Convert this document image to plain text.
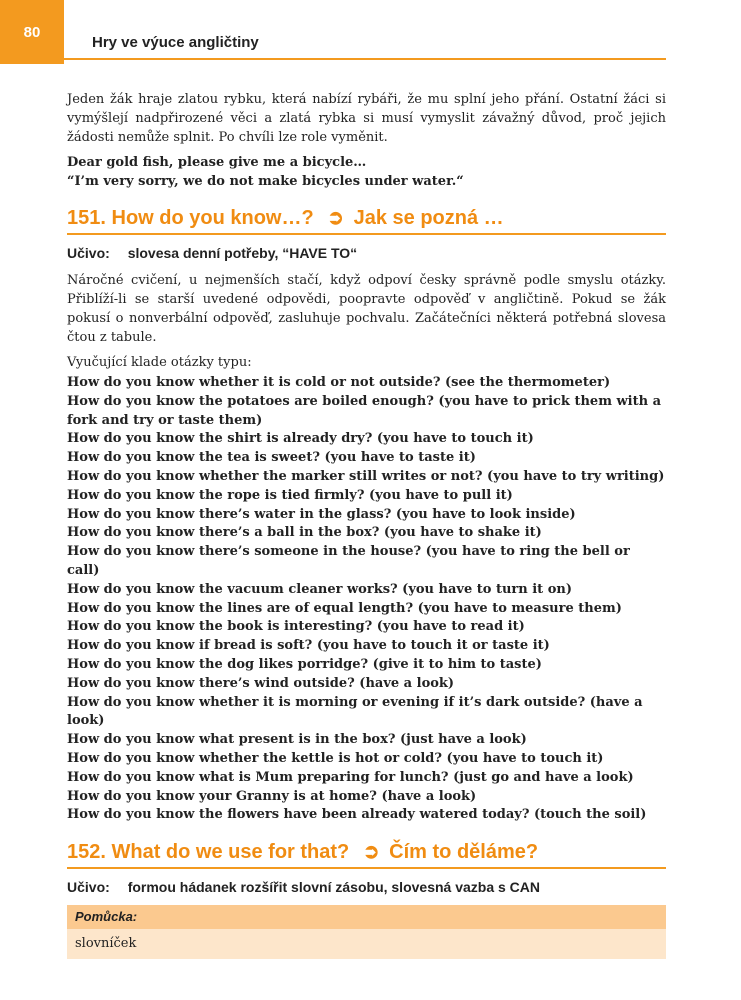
80
Hry ve výuce angličtiny

Jeden žák hraje zlatou rybku, která nabízí rybáři, že mu splní jeho přání. Ostatní žáci si vymýšlejí nadpřirozené věci a zlatá rybka si musí vymyslit závažný důvod, proč jejich žádosti nemůže splnit. Po chvíli lze role vyměnit.

Dear gold fish, please give me a bicycle…

“I’m very sorry, we do not make bicycles under water.“

151. How do you know…? ➲ Jak se pozná …
Učivo: slovesa denní potřeby, “HAVE TO“

Náročné cvičení, u nejmenších stačí, když odpoví česky správně podle smyslu otázky. Přiblíží-li se starší uvedené odpovědi, poopravte odpověď v angličtině. Pokud se žák pokusí o nonverbální odpověď, zasluhuje pochvalu. Začátečníci některá potřebná slovesa čtou z tabule.

Vyučující klade otázky typu:

How do you know whether it is cold or not outside? (see the thermometer)
How do you know the potatoes are boiled enough? (you have to prick them with a fork and try or taste them)
How do you know the shirt is already dry? (you have to touch it)
How do you know the tea is sweet? (you have to taste it)
How do you know whether the marker still writes or not? (you have to try writing)
How do you know the rope is tied firmly? (you have to pull it)
How do you know there’s water in the glass? (you have to look inside)
How do you know there’s a ball in the box? (you have to shake it)
How do you know there’s someone in the house? (you have to ring the bell or call)
How do you know the vacuum cleaner works? (you have to turn it on)
How do you know the lines are of equal length? (you have to measure them)
How do you know the book is interesting? (you have to read it)
How do you know if bread is soft? (you have to touch it or taste it)
How do you know the dog likes porridge? (give it to him to taste)
How do you know there’s wind outside? (have a look)
How do you know whether it is morning or evening if it’s dark outside? (have a look)
How do you know what present is in the box? (just have a look)
How do you know whether the kettle is hot or cold? (you have to touch it)
How do you know what is Mum preparing for lunch? (just go and have a look)
How do you know your Granny is at home? (have a look)
How do you know the flowers have been already watered today? (touch the soil)
152. What do we use for that? ➲ Čím to děláme?
Učivo: formou hádanek rozšířit slovní zásobu, slovesná vazba s CAN
Pomůcka:
slovníček
